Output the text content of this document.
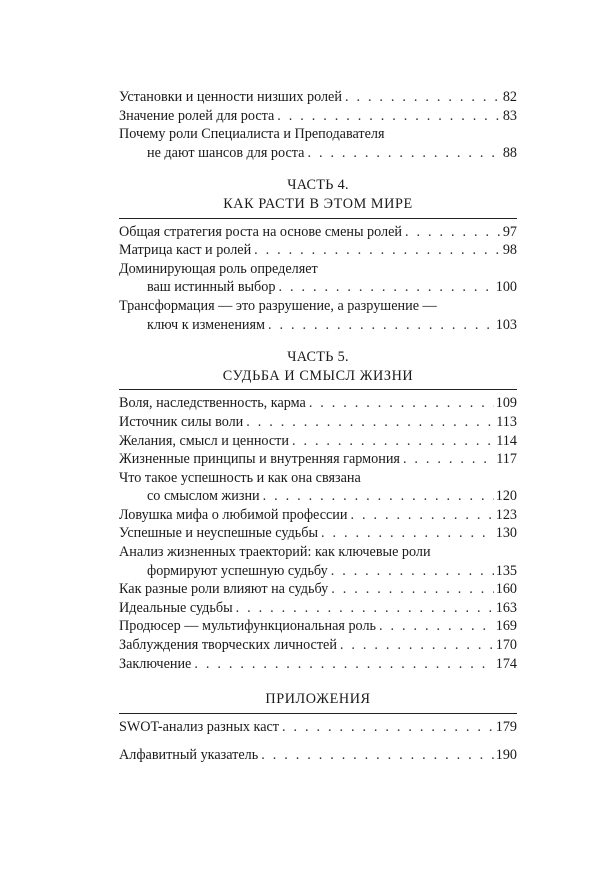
Установки и ценности низших ролей . . .	82
Значение ролей для роста . . .	83
Почему роли Специалиста и Преподавателя
не дают шансов для роста . . .	88
ЧАСТЬ 4.
КАК РАСТИ В ЭТОМ МИРЕ
Общая стратегия роста на основе смены ролей . . .	97
Матрица каст и ролей . . .	98
Доминирующая роль определяет
ваш истинный выбор . . .	100
Трансформация — это разрушение, а разрушение —
ключ к изменениям . . .	103
ЧАСТЬ 5.
СУДЬБА И СМЫСЛ ЖИЗНИ
Воля, наследственность, карма . . .	109
Источник силы воли . . .	113
Желания, смысл и ценности . . .	114
Жизненные принципы и внутренняя гармония . . .	117
Что такое успешность и как она связана
со смыслом жизни . . .	120
Ловушка мифа о любимой профессии . . .	123
Успешные и неуспешные судьбы . . .	130
Анализ жизненных траекторий: как ключевые роли
формируют успешную судьбу . . .	135
Как разные роли влияют на судьбу . . .	160
Идеальные судьбы . . .	163
Продюсер — мультифункциональная роль . . .	169
Заблуждения творческих личностей . . .	170
Заключение . . .	174
ПРИЛОЖЕНИЯ
SWOT-анализ разных каст . . .	179
Алфавитный указатель . . .	190
